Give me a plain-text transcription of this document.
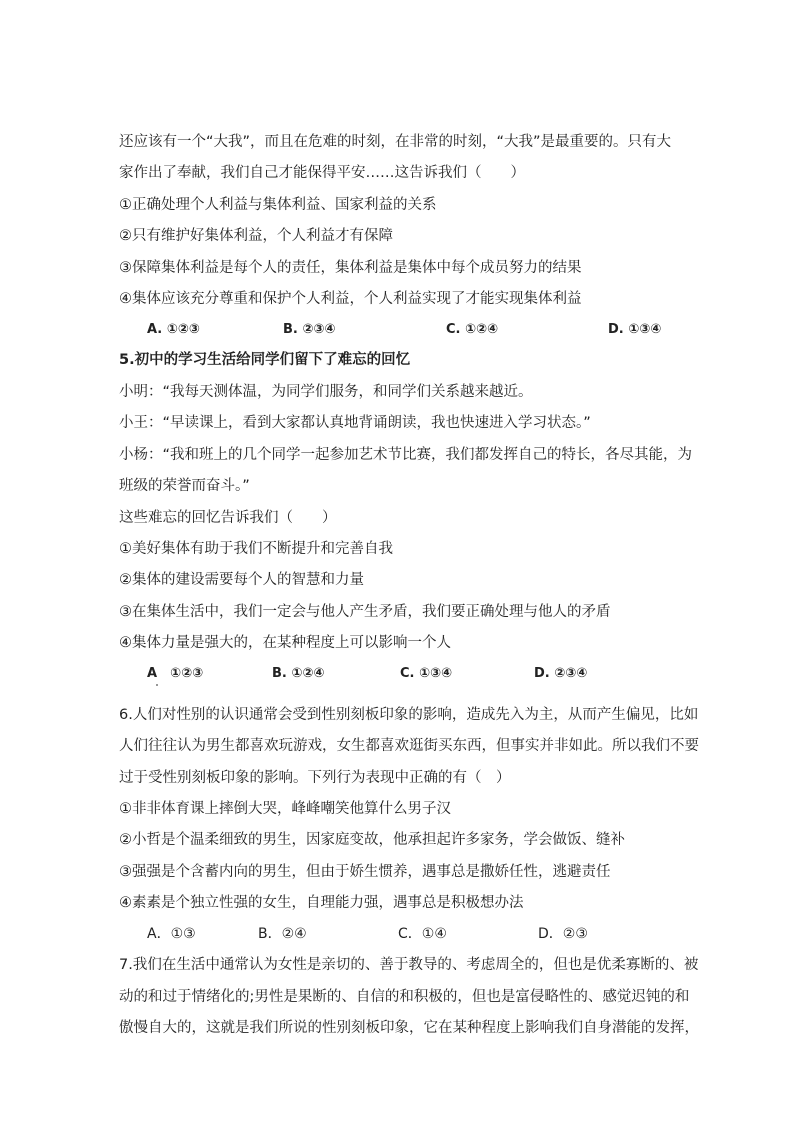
还应该有一个“大我”，而且在危难的时刻，在非常的时刻，“大我”是最重要的。只有大
家作出了奉献，我们自己才能保得平安……这告诉我们（　　）
①正确处理个人利益与集体利益、国家利益的关系
②只有维护好集体利益，个人利益才有保障
③保障集体利益是每个人的责任，集体利益是集体中每个成员努力的结果
④集体应该充分尊重和保护个人利益，个人利益实现了才能实现集体利益
A. ①②③	B. ②③④	C. ①②④	D. ①③④
5.初中的学习生活给同学们留下了难忘的回忆
小明：“我每天测体温，为同学们服务，和同学们关系越来越近。
小王：“早读课上，看到大家都认真地背诵朗读，我也快速进入学习状态。”
小杨：“我和班上的几个同学一起参加艺术节比赛，我们都发挥自己的特长，各尽其能，为
班级的荣誉而奋斗。”
这些难忘的回忆告诉我们（　　）
①美好集体有助于我们不断提升和完善自我
②集体的建设需要每个人的智慧和力量
③在集体生活中，我们一定会与他人产生矛盾，我们要正确处理与他人的矛盾
④集体力量是强大的，在某种程度上可以影响一个人
A　①②③	B. ①②④	C. ①③④	D. ②③④
6.人们对性别的认识通常会受到性别刻板印象的影响，造成先入为主，从而产生偏见，比如
人们往往认为男生都喜欢玩游戏，女生都喜欢逛街买东西，但事实并非如此。所以我们不要
过于受性别刻板印象的影响。下列行为表现中正确的有（　）
①非非体育课上摔倒大哭，峰峰嘲笑他算什么男子汉
②小哲是个温柔细致的男生，因家庭变故，他承担起许多家务，学会做饭、缝补
③强强是个含蓄内向的男生，但由于娇生惯养，遇事总是撒娇任性，逃避责任
④素素是个独立性强的女生，自理能力强，遇事总是积极想办法
A．①③	B．②④	C．①④	D．②③
7.我们在生活中通常认为女性是亲切的、善于教导的、考虑周全的，但也是优柔寡断的、被
动的和过于情绪化的;男性是果断的、自信的和积极的，但也是富侵略性的、感觉迟钝的和
傲慢自大的，这就是我们所说的性别刻板印象，它在某种程度上影响我们自身潜能的发挥，
